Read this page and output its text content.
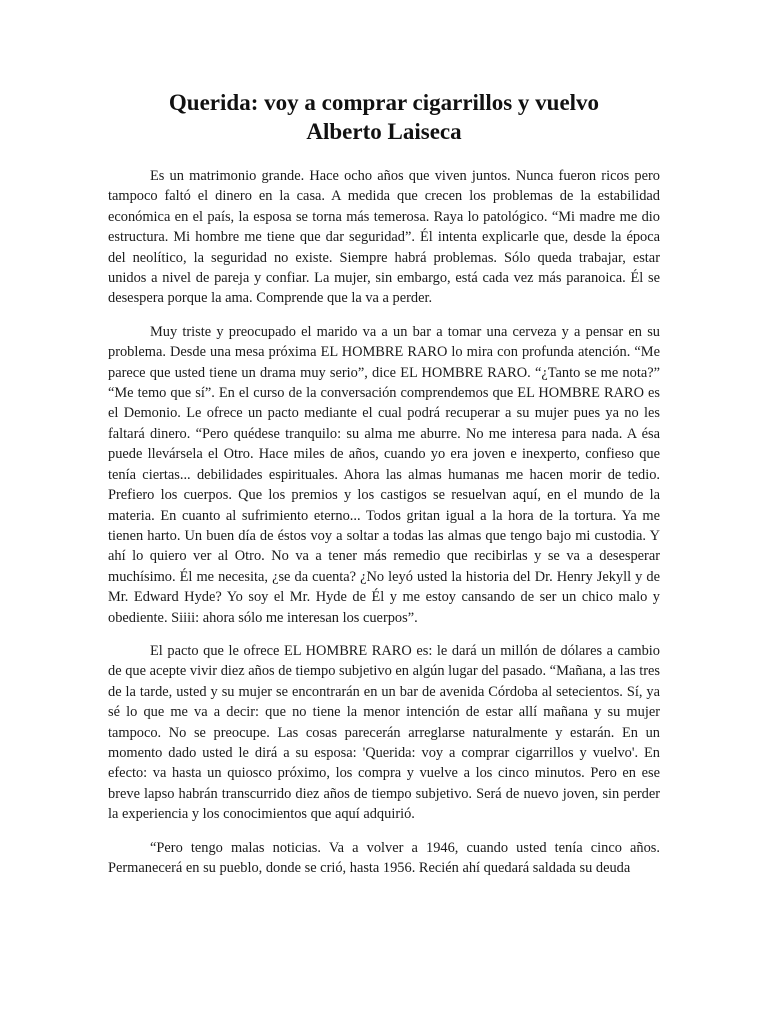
Querida: voy a comprar cigarrillos y vuelvo
Alberto Laiseca

Es un matrimonio grande. Hace ocho años que viven juntos. Nunca fueron ricos pero tampoco faltó el dinero en la casa. A medida que crecen los problemas de la estabilidad económica en el país, la esposa se torna más temerosa. Raya lo patológico. “Mi madre me dio estructura. Mi hombre me tiene que dar seguridad”. Él intenta explicarle que, desde la época del neolítico, la seguridad no existe. Siempre habrá problemas. Sólo queda trabajar, estar unidos a nivel de pareja y confiar. La mujer, sin embargo, está cada vez más paranoica. Él se desespera porque la ama. Comprende que la va a perder.

Muy triste y preocupado el marido va a un bar a tomar una cerveza y a pensar en su problema. Desde una mesa próxima EL HOMBRE RARO lo mira con profunda atención. “Me parece que usted tiene un drama muy serio”, dice EL HOMBRE RARO. “¿Tanto se me nota?” “Me temo que sí”. En el curso de la conversación comprendemos que EL HOMBRE RARO es el Demonio. Le ofrece un pacto mediante el cual podrá recuperar a su mujer pues ya no les faltará dinero. “Pero quédese tranquilo: su alma me aburre. No me interesa para nada. A ésa puede llevársela el Otro. Hace miles de años, cuando yo era joven e inexperto, confieso que tenía ciertas... debilidades espirituales. Ahora las almas humanas me hacen morir de tedio. Prefiero los cuerpos. Que los premios y los castigos se resuelvan aquí, en el mundo de la materia. En cuanto al sufrimiento eterno... Todos gritan igual a la hora de la tortura. Ya me tienen harto. Un buen día de éstos voy a soltar a todas las almas que tengo bajo mi custodia. Y ahí lo quiero ver al Otro. No va a tener más remedio que recibirlas y se va a desesperar muchísimo. Él me necesita, ¿se da cuenta? ¿No leyó usted la historia del Dr. Henry Jekyll y de Mr. Edward Hyde? Yo soy el Mr. Hyde de Él y me estoy cansando de ser un chico malo y obediente. Siiii: ahora sólo me interesan los cuerpos”.

El pacto que le ofrece EL HOMBRE RARO es: le dará un millón de dólares a cambio de que acepte vivir diez años de tiempo subjetivo en algún lugar del pasado. “Mañana, a las tres de la tarde, usted y su mujer se encontrarán en un bar de avenida Córdoba al setecientos. Sí, ya sé lo que me va a decir: que no tiene la menor intención de estar allí mañana y su mujer tampoco. No se preocupe. Las cosas parecerán arreglarse naturalmente y estarán. En un momento dado usted le dirá a su esposa: 'Querida: voy a comprar cigarrillos y vuelvo'. En efecto: va hasta un quiosco próximo, los compra y vuelve a los cinco minutos. Pero en ese breve lapso habrán transcurrido diez años de tiempo subjetivo. Será de nuevo joven, sin perder la experiencia y los conocimientos que aquí adquirió.

“Pero tengo malas noticias. Va a volver a 1946, cuando usted tenía cinco años. Permanecerá en su pueblo, donde se crió, hasta 1956. Recién ahí quedará saldada su deuda
